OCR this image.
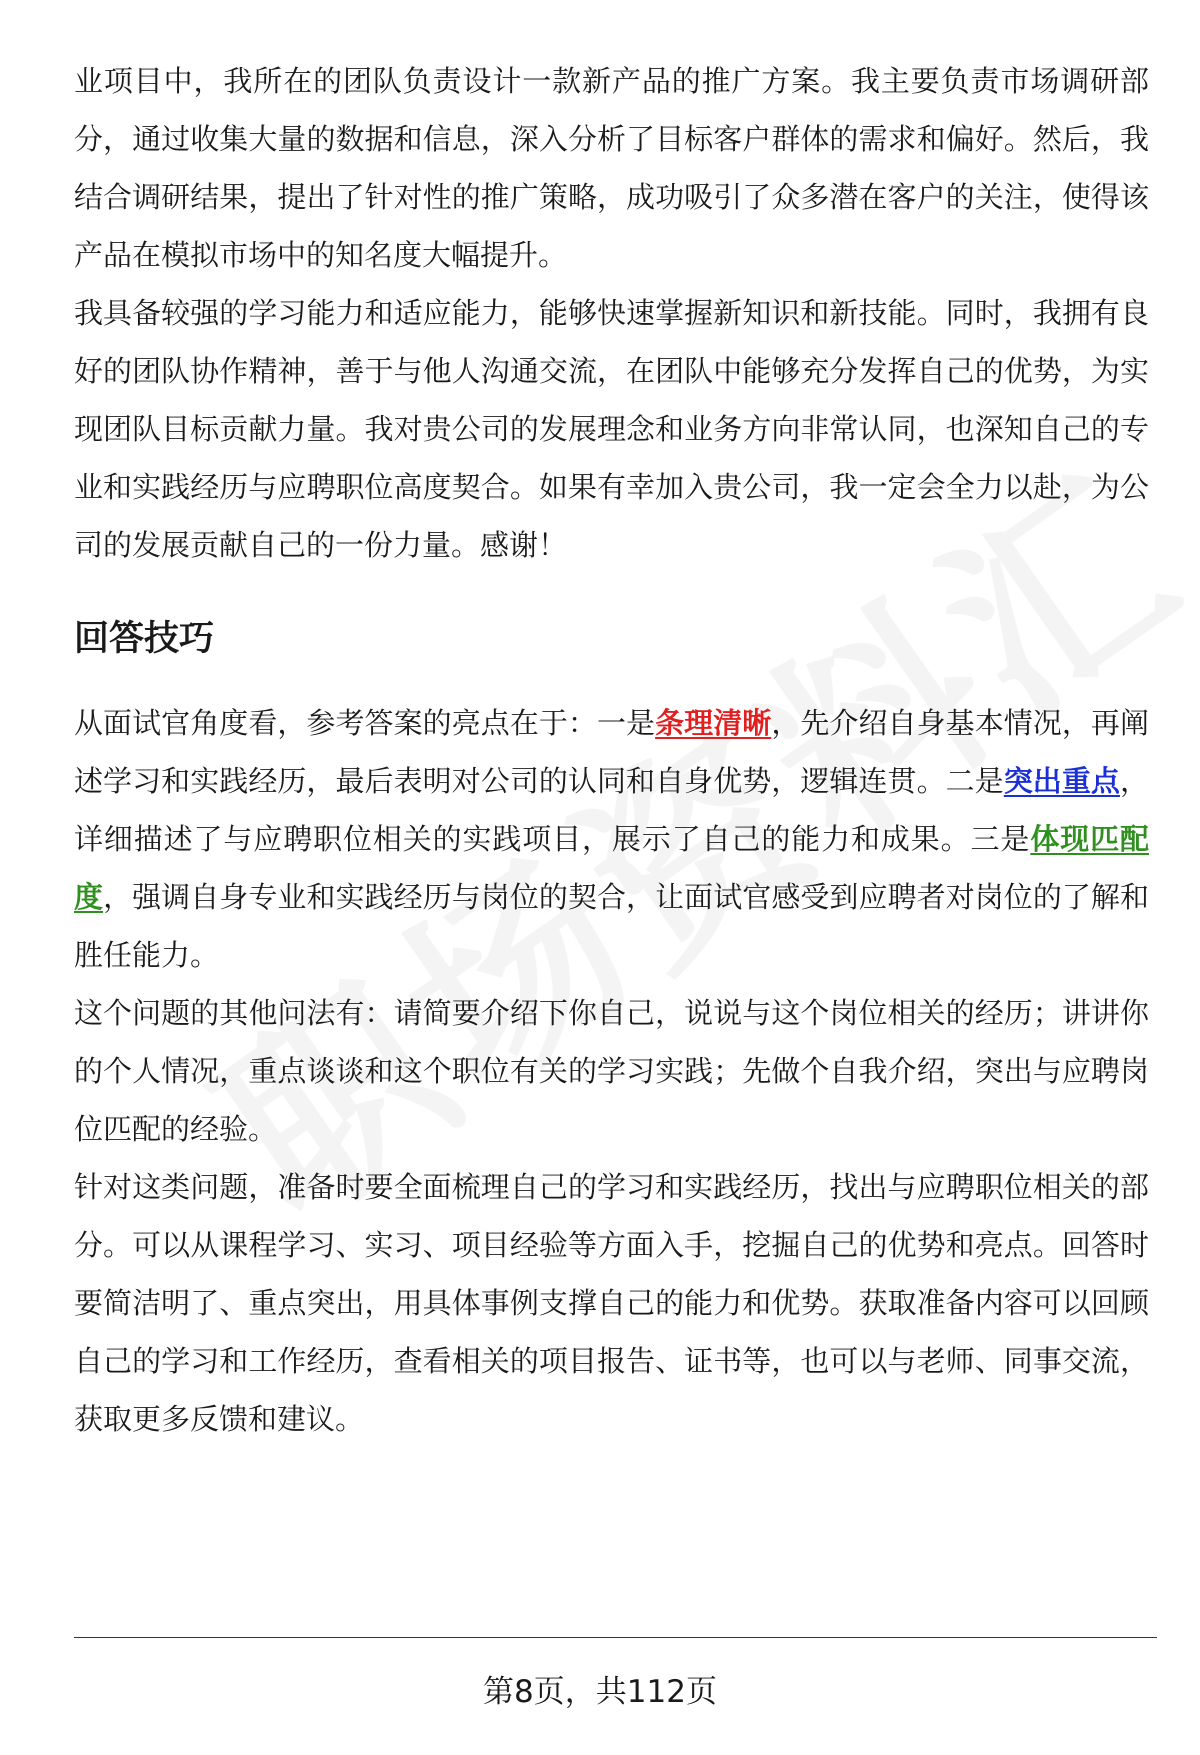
业项目中，我所在的团队负责设计一款新产品的推广方案。我主要负责市场调研部分，通过收集大量的数据和信息，深入分析了目标客户群体的需求和偏好。然后，我结合调研结果，提出了针对性的推广策略，成功吸引了众多潜在客户的关注，使得该产品在模拟市场中的知名度大幅提升。

我具备较强的学习能力和适应能力，能够快速掌握新知识和新技能。同时，我拥有良好的团队协作精神，善于与他人沟通交流，在团队中能够充分发挥自己的优势，为实现团队目标贡献力量。我对贵公司的发展理念和业务方向非常认同，也深知自己的专业和实践经历与应聘职位高度契合。如果有幸加入贵公司，我一定会全力以赴，为公司的发展贡献自己的一份力量。感谢！

回答技巧

从面试官角度看，参考答案的亮点在于：一是条理清晰，先介绍自身基本情况，再阐述学习和实践经历，最后表明对公司的认同和自身优势，逻辑连贯。二是突出重点，详细描述了与应聘职位相关的实践项目，展示了自己的能力和成果。三是体现匹配度，强调自身专业和实践经历与岗位的契合，让面试官感受到应聘者对岗位的了解和胜任能力。

这个问题的其他问法有：请简要介绍下你自己，说说与这个岗位相关的经历；讲讲你的个人情况，重点谈谈和这个职位有关的学习实践；先做个自我介绍，突出与应聘岗位匹配的经验。

针对这类问题，准备时要全面梳理自己的学习和实践经历，找出与应聘职位相关的部分。可以从课程学习、实习、项目经验等方面入手，挖掘自己的优势和亮点。回答时要简洁明了、重点突出，用具体事例支撑自己的能力和优势。获取准备内容可以回顾自己的学习和工作经历，查看相关的项目报告、证书等，也可以与老师、同事交流，获取更多反馈和建议。

第8页，共112页
